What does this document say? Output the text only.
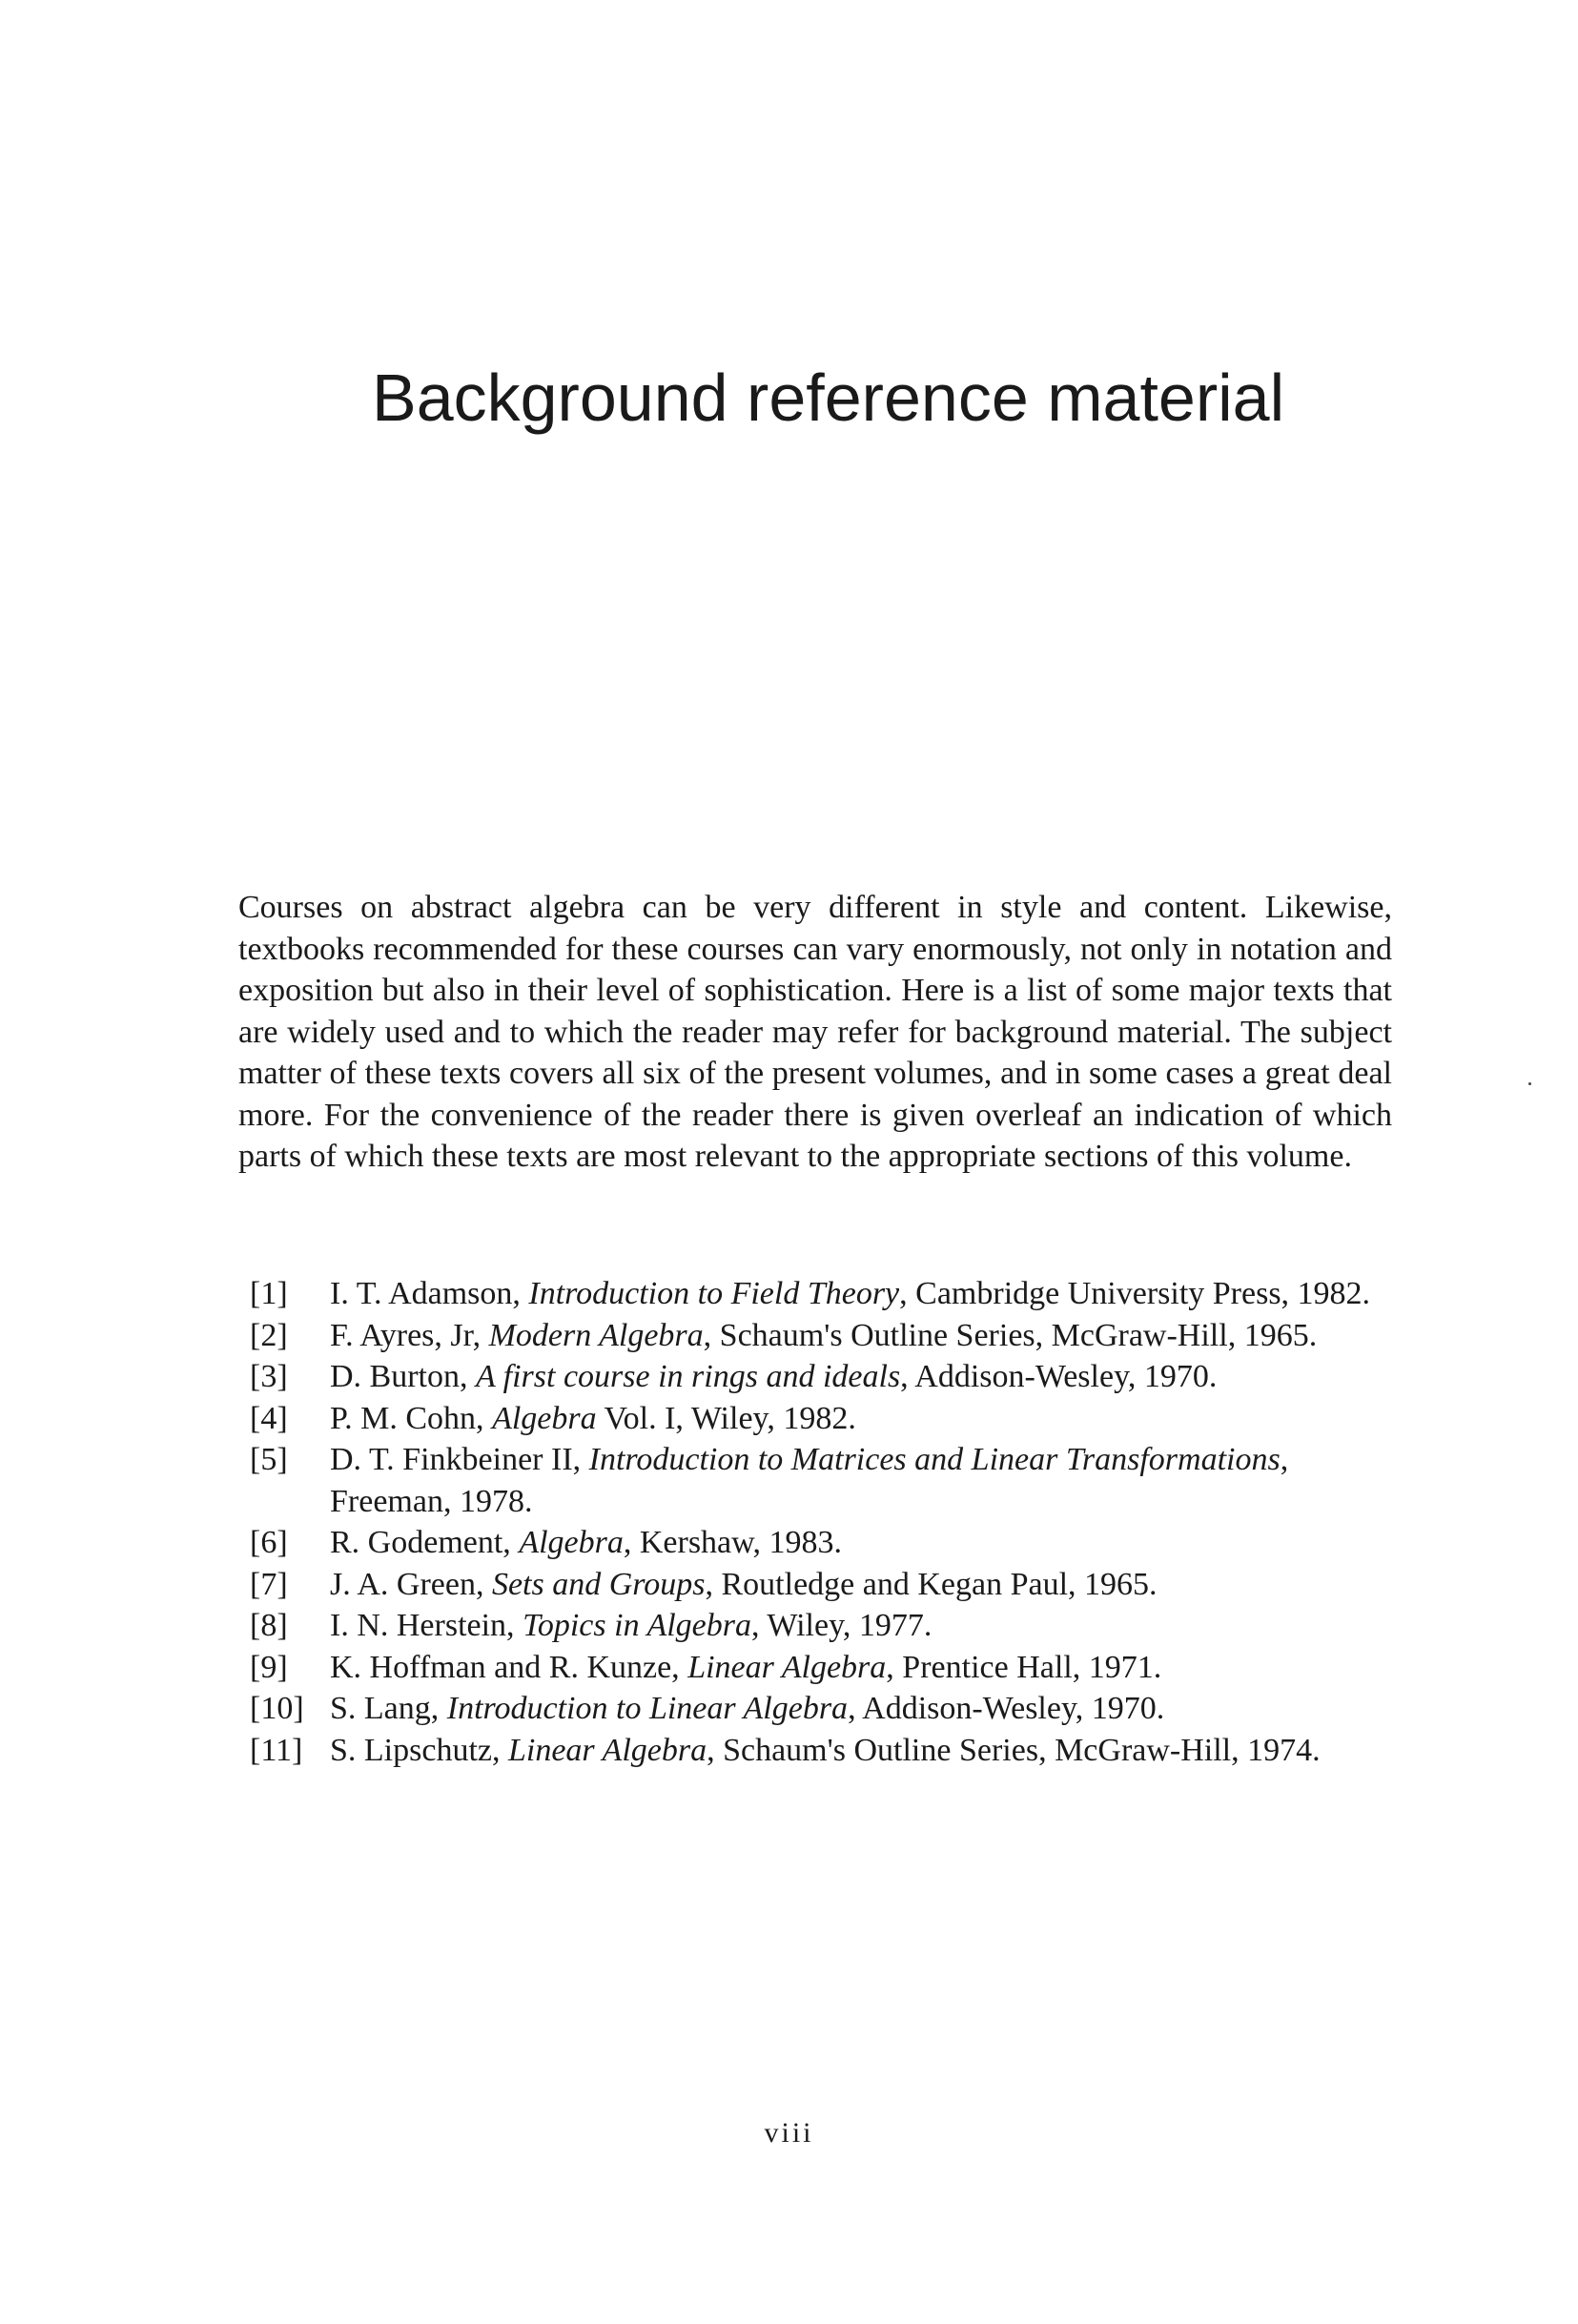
Background reference material

Courses on abstract algebra can be very different in style and content. Likewise, textbooks recommended for these courses can vary enormously, not only in notation and exposition but also in their level of sophistication. Here is a list of some major texts that are widely used and to which the reader may refer for background material. The subject matter of these texts covers all six of the present volumes, and in some cases a great deal more. For the convenience of the reader there is given overleaf an indication of which parts of which these texts are most relevant to the appropriate sections of this volume.

[1] I. T. Adamson, Introduction to Field Theory, Cambridge University Press, 1982.
[2] F. Ayres, Jr, Modern Algebra, Schaum's Outline Series, McGraw-Hill, 1965.
[3] D. Burton, A first course in rings and ideals, Addison-Wesley, 1970.
[4] P. M. Cohn, Algebra Vol. I, Wiley, 1982.
[5] D. T. Finkbeiner II, Introduction to Matrices and Linear Transformations, Freeman, 1978.
[6] R. Godement, Algebra, Kershaw, 1983.
[7] J. A. Green, Sets and Groups, Routledge and Kegan Paul, 1965.
[8] I. N. Herstein, Topics in Algebra, Wiley, 1977.
[9] K. Hoffman and R. Kunze, Linear Algebra, Prentice Hall, 1971.
[10] S. Lang, Introduction to Linear Algebra, Addison-Wesley, 1970.
[11] S. Lipschutz, Linear Algebra, Schaum's Outline Series, McGraw-Hill, 1974.
viii
